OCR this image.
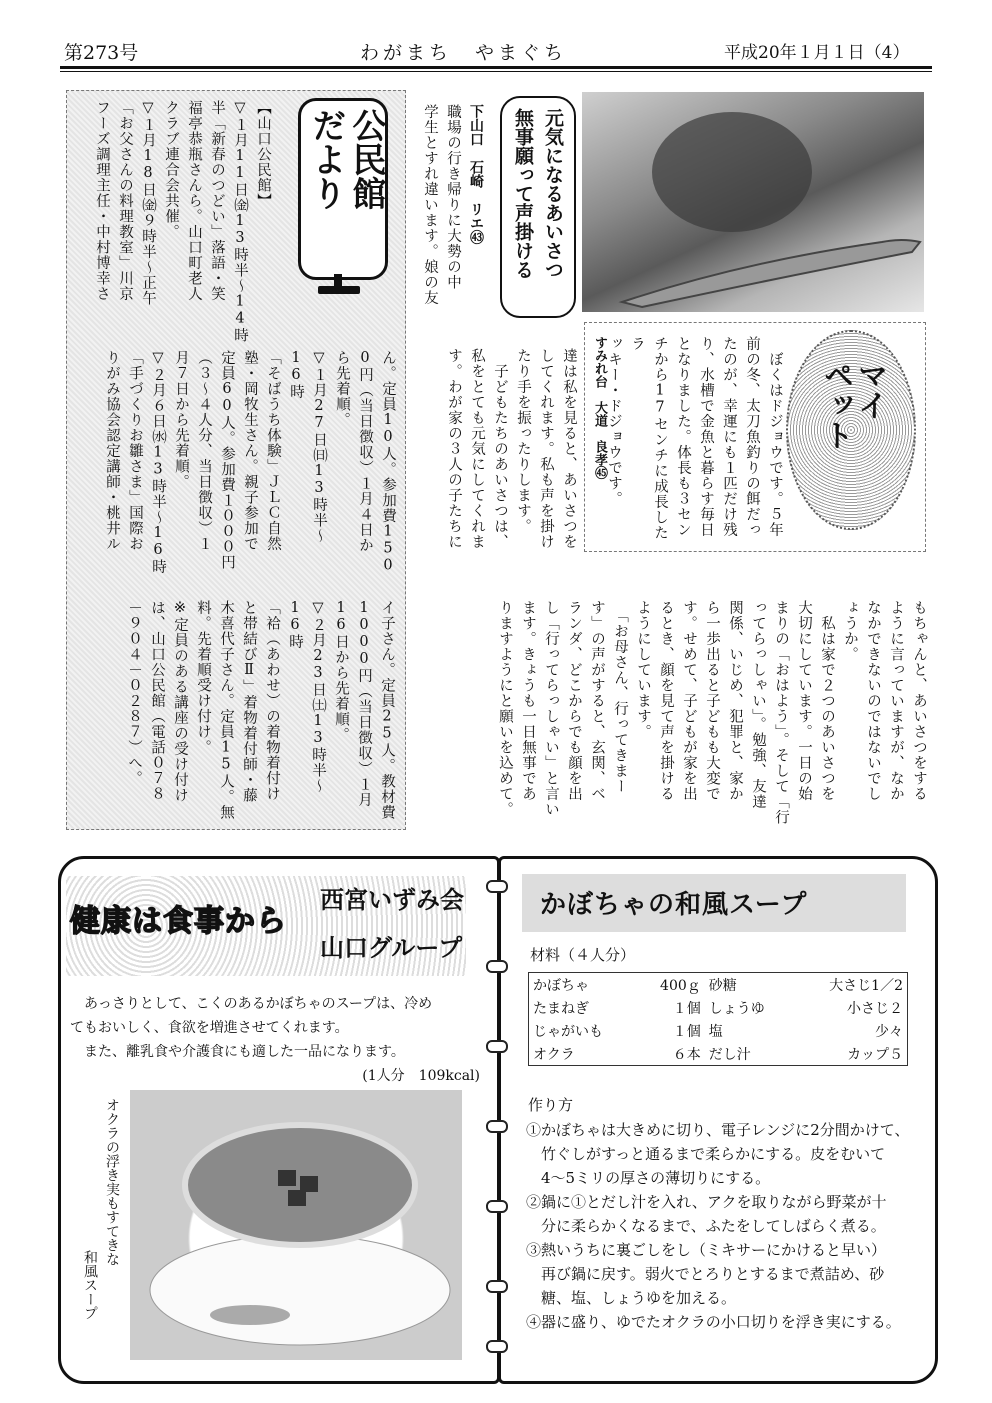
第273号	わがまち　やまぐち	平成20年１月１日（4）
【山口公民館】
▽１月11日㈮13時半～14時
半「新春のつどい」落語・笑
福亭恭瓶さんら。山口町老人
クラブ連合会共催。
▽１月18日㈮９時半～正午
「お父さんの料理教室」川京
フーズ調理主任・中村博幸さ	公民館
だより
ん。定員10人。参加費150
0円（当日徴収）１月４日か
ら先着順。
▽１月27日㈰13時半～16時
「そばうち体験」ＪＬＣ自然
塾・岡牧生さん。親子参加で
定員60人。参加費１０００円
（３～４人分、当日徴収）１
月７日から先着順。
▽２月６日㈬13時半～16時
「手づくりお雛さま」国際お
りがみ協会認定講師・桃井ル
イ子さん。定員25人。教材費
1000円（当日徴収）１月
16日から先着順。
▽２月23日㈯13時半～16時
「袷（あわせ）の着物着付け
と帯結びⅡ」着物着付師・藤
木喜代子さん。定員15人。無
料。先着順受け付け。
※定員のある講座の受け付け
は、山口公民館（電話０７８
－９０４－０２８７）へ。
元気になるあいさつ
無事願って声掛ける
下山口　石崎　リエ㊸
職場の行き帰りに大勢の中
学生とすれ違います。娘の友
達は私を見ると、あいさつを
してくれます。私も声を掛け
たり手を振ったりします。
　子どもたちのあいさつは、
私をとても元気にしてくれま
す。わが家の３人の子たちに
もちゃんと、あいさつをする
ように言っていますが、なか
なかできないのではないでし
ょうか。
　私は家で２つのあいさつを
大切にしています。一日の始
まりの「おはよう」。そして「行
ってらっしゃい」。勉強、友達
関係、いじめ、犯罪と、家か
ら一歩出ると子どもも大変で
す。せめて、子どもが家を出
るとき、顔を見て声を掛ける
ようにしています。
　「お母さん、行ってきまー
す」の声がすると、玄関、ベ
ランダ、どこからでも顔を出
し「行ってらっしゃい」と言い
ます。きょうも一日無事であ
りますようにと願いを込めて。
マイ
ペット
　ぼくはドジョウです。５年
前の冬、太刀魚釣りの餌だっ
たのが、幸運にも１匹だけ残
り、水槽で金魚と暮らす毎日
となりました。体長も３セン
チから17センチに成長したラ
ッキー・ドジョウです。
すみれ台　大道　良孝㊺
健康は食事から
西宮いずみ会
山口グループ
　あっさりとして、こくのあるかぼちゃのスープは、冷め
てもおいしく、食欲を増進させてくれます。
　また、離乳食や介護食にも適した一品になります。
(1人分　109kcal)
オクラの浮き実もすてきな
和風スープ
かぼちゃの和風スープ
材料（４人分）
かぼちゃ	400ｇ	砂糖	大さじ1／2
たまねぎ	１個	しょうゆ	小さじ２
じゃがいも	１個	塩	少々
オクラ	６本	だし汁	カップ５
作り方
①かぼちゃは大きめに切り、電子レンジに2分間かけて、
　竹ぐしがすっと通るまで柔らかにする。皮をむいて
　4～5ミリの厚さの薄切りにする。
②鍋に①とだし汁を入れ、アクを取りながら野菜が十
　分に柔らかくなるまで、ふたをしてしばらく煮る。
③熱いうちに裏ごしをし（ミキサーにかけると早い）
　再び鍋に戻す。弱火でとろりとするまで煮詰め、砂
　糖、塩、しょうゆを加える。
④器に盛り、ゆでたオクラの小口切りを浮き実にする。
